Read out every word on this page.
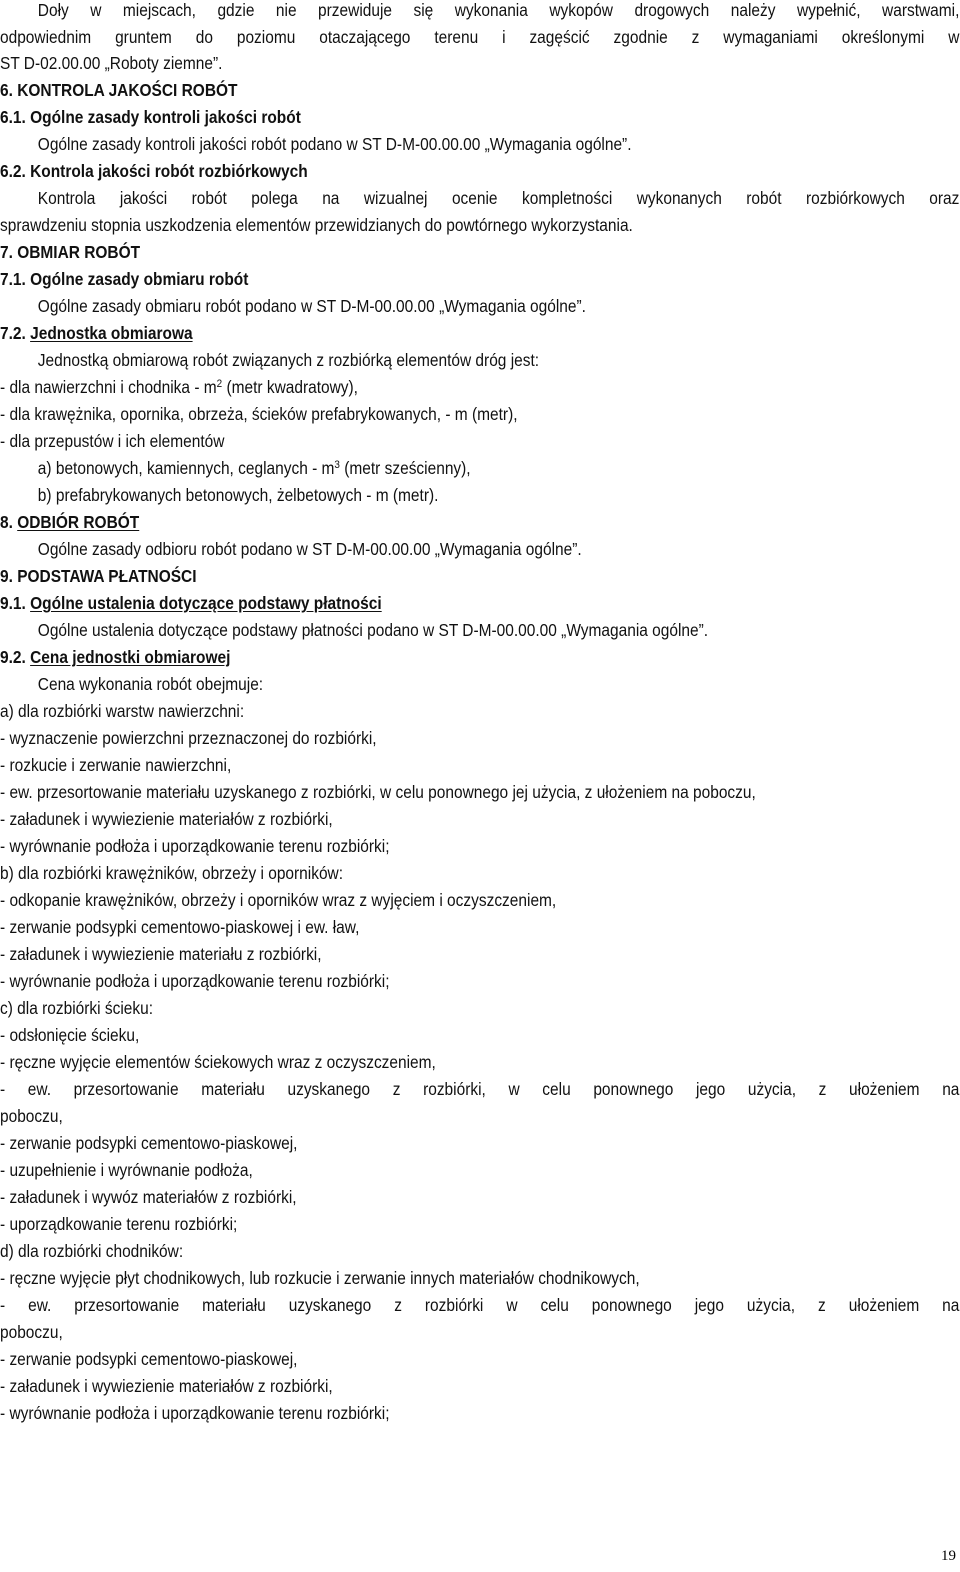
Doły w miejscach, gdzie nie przewiduje się wykonania wykopów drogowych należy wypełnić, warstwami,
odpowiednim gruntem do poziomu otaczającego terenu i zagęścić zgodnie z wymaganiami określonymi w
ST D-02.00.00 „Roboty ziemne”.
6. KONTROLA JAKOŚCI ROBÓT
6.1. Ogólne zasady kontroli jakości robót
Ogólne zasady kontroli jakości robót podano w ST D-M-00.00.00 „Wymagania ogólne”.
6.2. Kontrola jakości robót rozbiórkowych
Kontrola jakości robót polega na wizualnej ocenie kompletności wykonanych robót rozbiórkowych oraz
sprawdzeniu stopnia uszkodzenia elementów przewidzianych do powtórnego wykorzystania.
7. OBMIAR ROBÓT
7.1. Ogólne zasady obmiaru robót
Ogólne zasady obmiaru robót podano w ST D-M-00.00.00 „Wymagania ogólne”.
7.2. Jednostka obmiarowa
Jednostką obmiarową robót związanych z rozbiórką elementów dróg jest:
- dla nawierzchni i chodnika - $m^2$ (metr kwadratowy),
- dla krawężnika, opornika, obrzeża, ścieków prefabrykowanych, - m (metr),
- dla przepustów i ich elementów
a) betonowych, kamiennych, ceglanych - $m^3$ (metr sześcienny),
b) prefabrykowanych betonowych, żelbetowych - m (metr).
8. ODBIÓR ROBÓT
Ogólne zasady odbioru robót podano w ST D-M-00.00.00 „Wymagania ogólne”.
9. PODSTAWA PŁATNOŚCI
9.1. Ogólne ustalenia dotyczące podstawy płatności
Ogólne ustalenia dotyczące podstawy płatności podano w ST D-M-00.00.00 „Wymagania ogólne”.
9.2. Cena jednostki obmiarowej
Cena wykonania robót obejmuje:
a) dla rozbiórki warstw nawierzchni:
- wyznaczenie powierzchni przeznaczonej do rozbiórki,
- rozkucie i zerwanie nawierzchni,
- ew. przesortowanie materiału uzyskanego z rozbiórki, w celu ponownego jej użycia, z ułożeniem na poboczu,
- załadunek i wywiezienie materiałów z rozbiórki,
- wyrównanie podłoża i uporządkowanie terenu rozbiórki;
b) dla rozbiórki krawężników, obrzeży i oporników:
- odkopanie krawężników, obrzeży i oporników wraz z wyjęciem i oczyszczeniem,
- zerwanie podsypki cementowo-piaskowej i ew. ław,
- załadunek i wywiezienie materiału z rozbiórki,
- wyrównanie podłoża i uporządkowanie terenu rozbiórki;
c) dla rozbiórki ścieku:
- odsłonięcie ścieku,
- ręczne wyjęcie elementów ściekowych wraz z oczyszczeniem,
- ew. przesortowanie materiału uzyskanego z rozbiórki, w celu ponownego jego użycia, z ułożeniem na
poboczu,
- zerwanie podsypki cementowo-piaskowej,
- uzupełnienie i wyrównanie podłoża,
- załadunek i wywóz materiałów z rozbiórki,
- uporządkowanie terenu rozbiórki;
d) dla rozbiórki chodników:
- ręczne wyjęcie płyt chodnikowych, lub rozkucie i zerwanie innych materiałów chodnikowych,
- ew. przesortowanie materiału uzyskanego z rozbiórki w celu ponownego jego użycia, z ułożeniem na
poboczu,
- zerwanie podsypki cementowo-piaskowej,
- załadunek i wywiezienie materiałów z rozbiórki,
- wyrównanie podłoża i uporządkowanie terenu rozbiórki;
19
